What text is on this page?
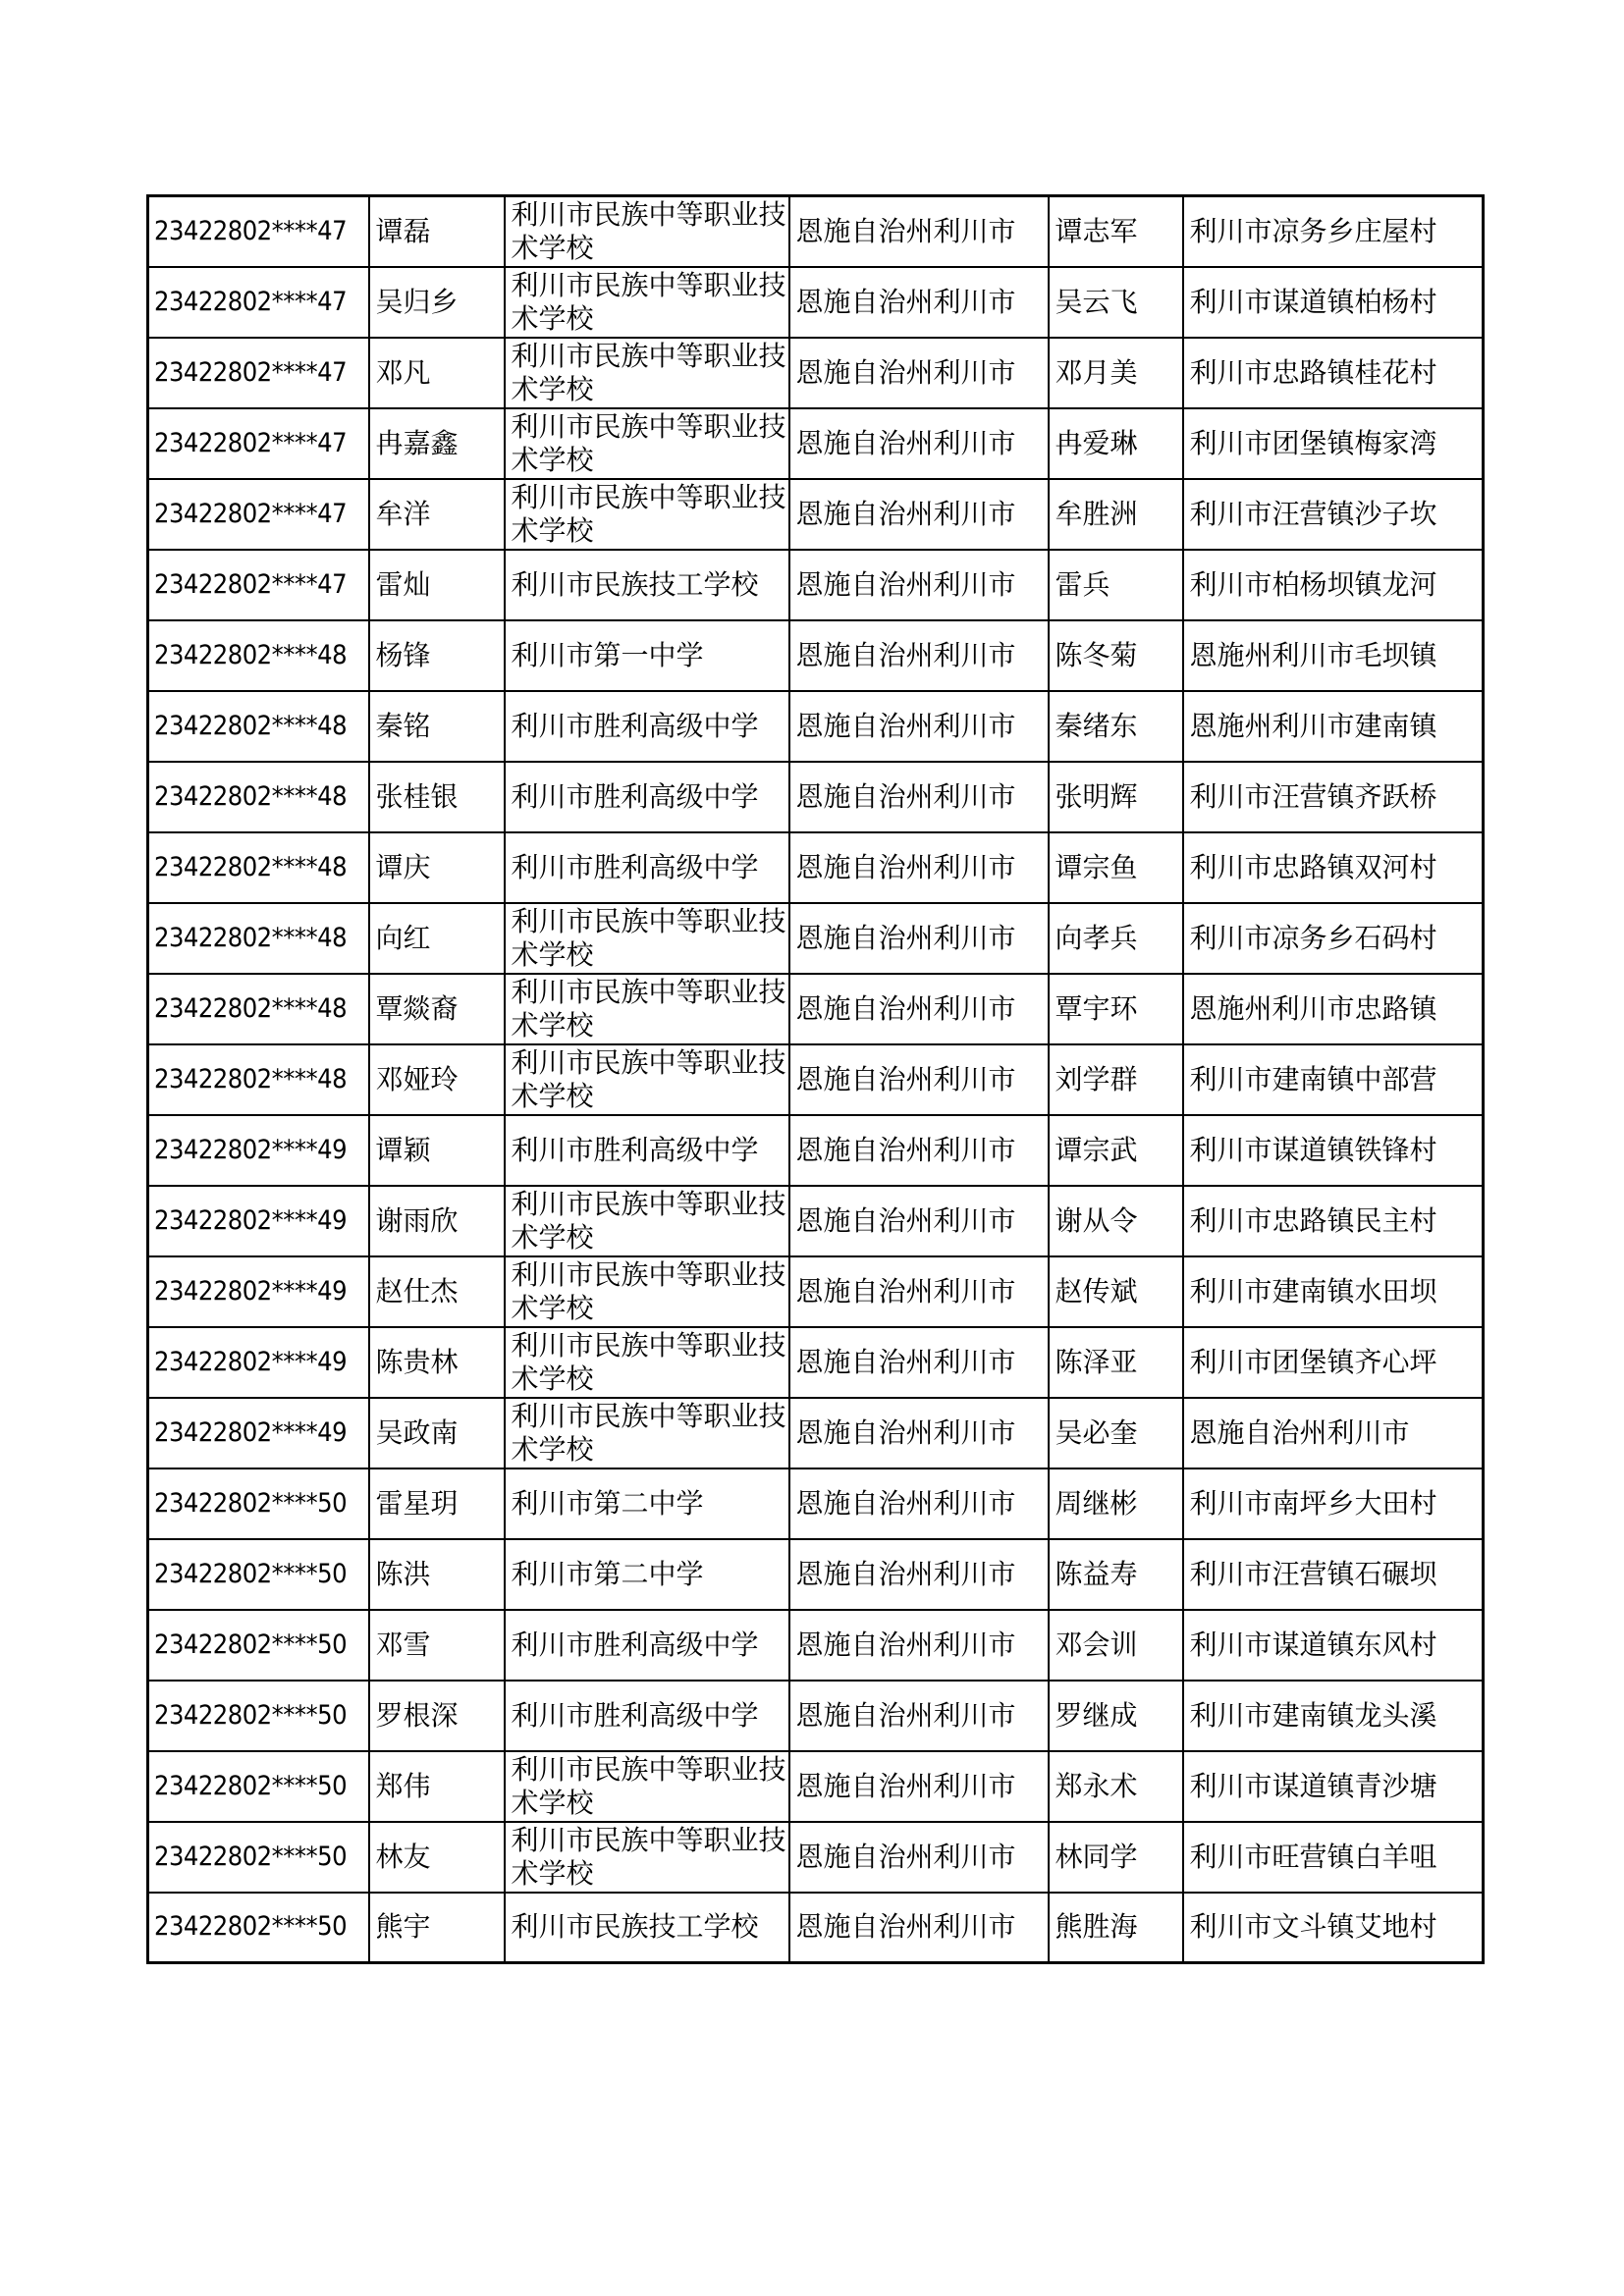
23422802****47	谭磊	利川市民族中等职业技术学校	恩施自治州利川市	谭志军	利川市凉务乡庄屋村
23422802****47	吴归乡	利川市民族中等职业技术学校	恩施自治州利川市	吴云飞	利川市谋道镇柏杨村
23422802****47	邓凡	利川市民族中等职业技术学校	恩施自治州利川市	邓月美	利川市忠路镇桂花村
23422802****47	冉嘉鑫	利川市民族中等职业技术学校	恩施自治州利川市	冉爱琳	利川市团堡镇梅家湾
23422802****47	牟洋	利川市民族中等职业技术学校	恩施自治州利川市	牟胜洲	利川市汪营镇沙子坎
23422802****47	雷灿	利川市民族技工学校	恩施自治州利川市	雷兵	利川市柏杨坝镇龙河
23422802****48	杨锋	利川市第一中学	恩施自治州利川市	陈冬菊	恩施州利川市毛坝镇
23422802****48	秦铭	利川市胜利高级中学	恩施自治州利川市	秦绪东	恩施州利川市建南镇
23422802****48	张桂银	利川市胜利高级中学	恩施自治州利川市	张明辉	利川市汪营镇齐跃桥
23422802****48	谭庆	利川市胜利高级中学	恩施自治州利川市	谭宗鱼	利川市忠路镇双河村
23422802****48	向红	利川市民族中等职业技术学校	恩施自治州利川市	向孝兵	利川市凉务乡石码村
23422802****48	覃燚裔	利川市民族中等职业技术学校	恩施自治州利川市	覃宇环	恩施州利川市忠路镇
23422802****48	邓娅玲	利川市民族中等职业技术学校	恩施自治州利川市	刘学群	利川市建南镇中部营
23422802****49	谭颖	利川市胜利高级中学	恩施自治州利川市	谭宗武	利川市谋道镇铁锋村
23422802****49	谢雨欣	利川市民族中等职业技术学校	恩施自治州利川市	谢从令	利川市忠路镇民主村
23422802****49	赵仕杰	利川市民族中等职业技术学校	恩施自治州利川市	赵传斌	利川市建南镇水田坝
23422802****49	陈贵林	利川市民族中等职业技术学校	恩施自治州利川市	陈泽亚	利川市团堡镇齐心坪
23422802****49	吴政南	利川市民族中等职业技术学校	恩施自治州利川市	吴必奎	恩施自治州利川市
23422802****50	雷星玥	利川市第二中学	恩施自治州利川市	周继彬	利川市南坪乡大田村
23422802****50	陈洪	利川市第二中学	恩施自治州利川市	陈益寿	利川市汪营镇石碾坝
23422802****50	邓雪	利川市胜利高级中学	恩施自治州利川市	邓会训	利川市谋道镇东风村
23422802****50	罗根深	利川市胜利高级中学	恩施自治州利川市	罗继成	利川市建南镇龙头溪
23422802****50	郑伟	利川市民族中等职业技术学校	恩施自治州利川市	郑永术	利川市谋道镇青沙塘
23422802****50	林友	利川市民族中等职业技术学校	恩施自治州利川市	林同学	利川市旺营镇白羊咀
23422802****50	熊宇	利川市民族技工学校	恩施自治州利川市	熊胜海	利川市文斗镇艾地村
